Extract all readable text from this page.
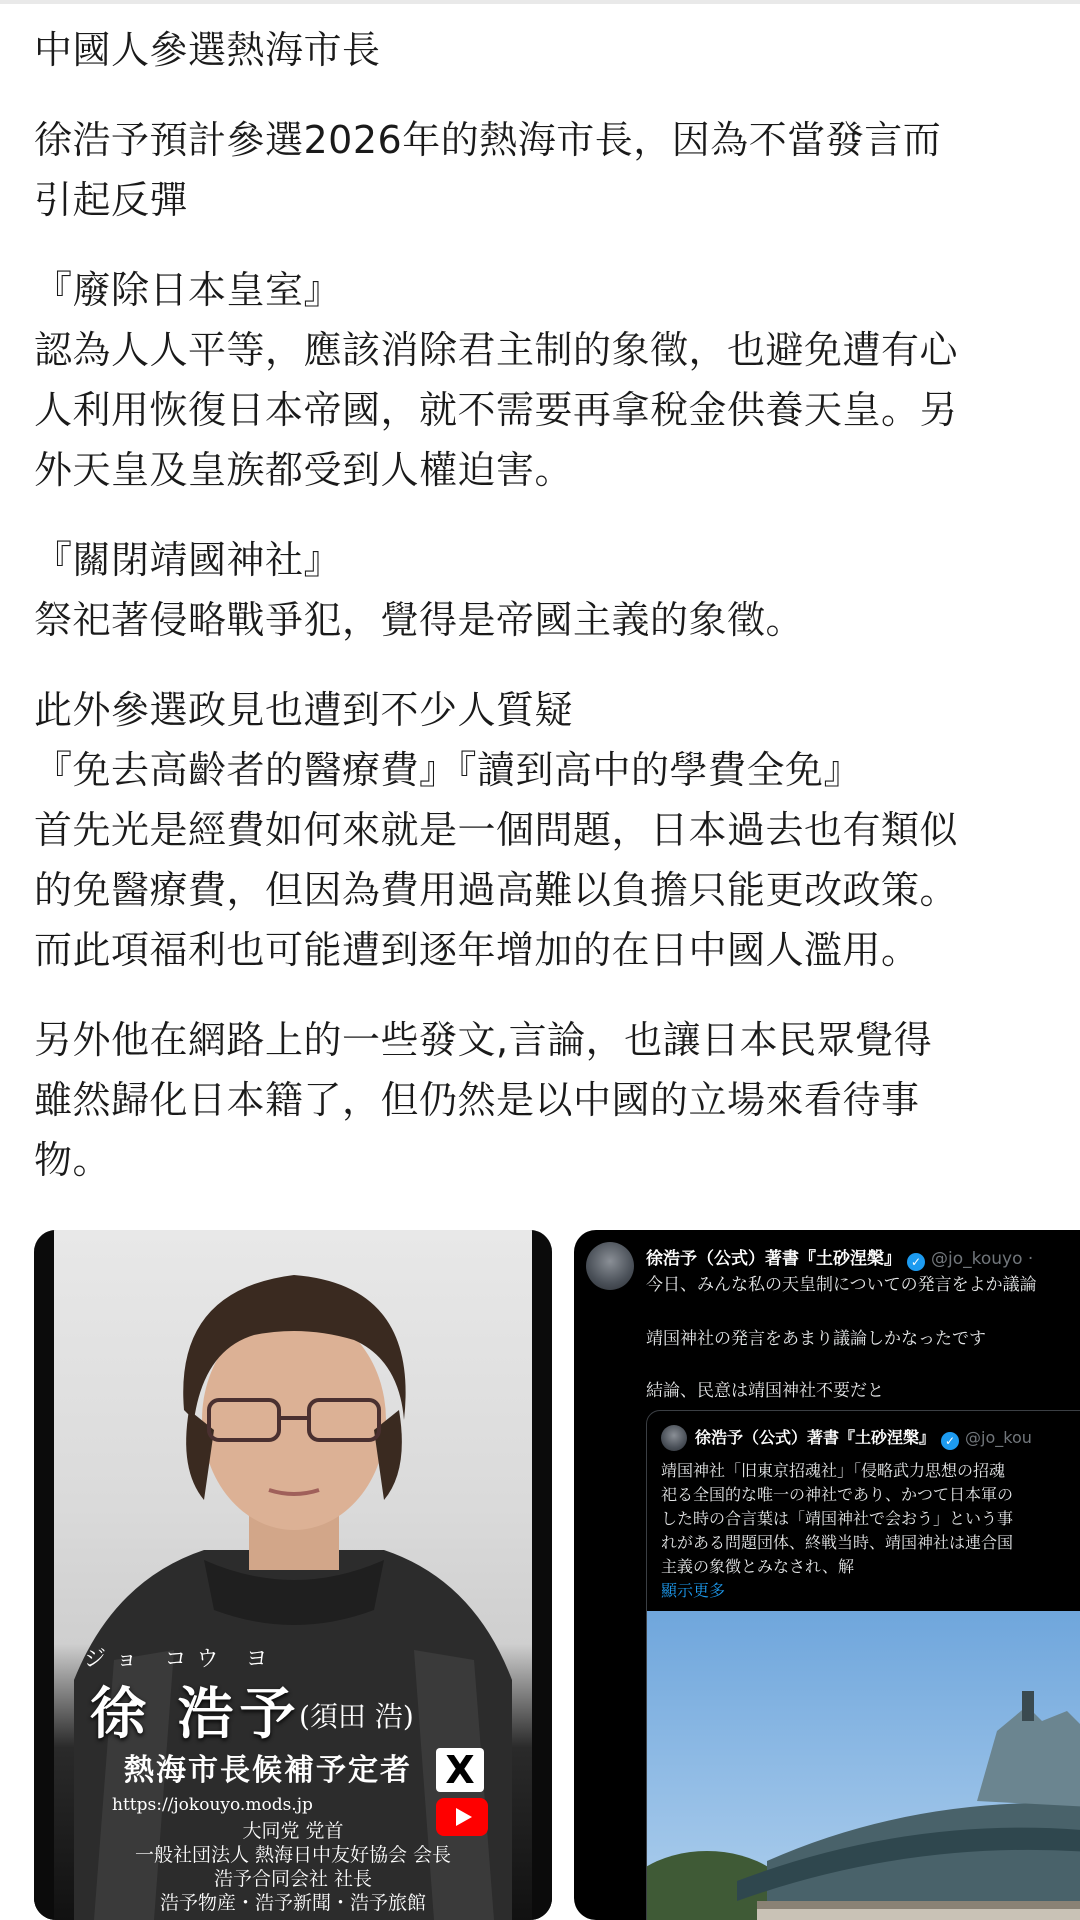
中國人參選熱海市長

徐浩予預計參選2026年的熱海市長，因為不當發言而

引起反彈

『廢除日本皇室』

認為人人平等，應該消除君主制的象徵，也避免遭有心

人利用恢復日本帝國，就不需要再拿稅金供養天皇。另

外天皇及皇族都受到人權迫害。

『關閉靖國神社』

祭祀著侵略戰爭犯，覺得是帝國主義的象徵。

此外參選政見也遭到不少人質疑

『免去高齡者的醫療費』『讀到高中的學費全免』

首先光是經費如何來就是一個問題，日本過去也有類似

的免醫療費，但因為費用過高難以負擔只能更改政策。

而此項福利也可能遭到逐年增加的在日中國人濫用。

另外他在網路上的一些發文,言論，也讓日本民眾覺得

雖然歸化日本籍了，但仍然是以中國的立場來看待事

物。

ジョ コウ ヨ
徐 浩予
(須田 浩)
熱海市長候補予定者 X
https://jokouyo.mods.jp
大同党 党首
一般社団法人 熱海日中友好協会 会長
浩予合同会社 社長
浩予物産・浩予新聞・浩予旅館
徐浩予（公式）著書『土砂涅槃』 ✓ @jo_kouyo ·
今日、みんな私の天皇制についての発言をよか議論
靖国神社の発言をあまり議論しかなったです
結論、民意は靖国神社不要だと
徐浩予（公式）著書『土砂涅槃』 ✓ @jo_kou
靖国神社「旧東京招魂社」「侵略武力思想の招魂
祀る全国的な唯一の神社であり、かつて日本軍の
した時の合言葉は「靖国神社で会おう」という事
れがある問題団体、終戦当時、靖国神社は連合国
主義の象徴とみなされ、解
顯示更多
